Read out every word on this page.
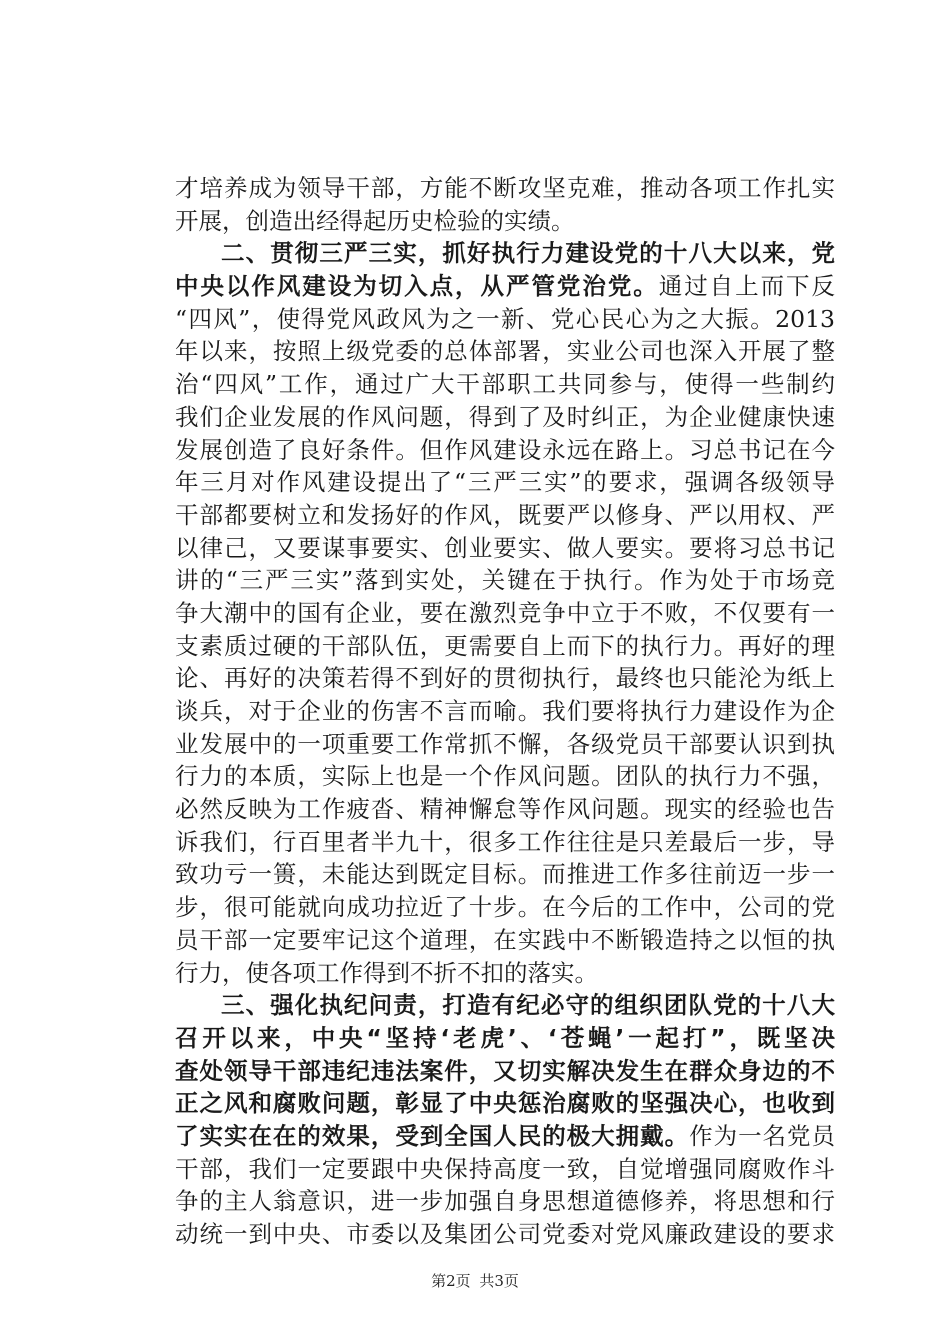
才培养成为领导干部，方能不断攻坚克难，推动各项工作扎实
开展，创造出经得起历史检验的实绩。
二、贯彻三严三实，抓好执行力建设党的十八大以来，党
中央以作风建设为切入点，从严管党治党。通过自上而下反
“四风”，使得党风政风为之一新、党心民心为之大振。2013
年以来，按照上级党委的总体部署，实业公司也深入开展了整
治“四风”工作，通过广大干部职工共同参与，使得一些制约
我们企业发展的作风问题，得到了及时纠正，为企业健康快速
发展创造了良好条件。但作风建设永远在路上。习总书记在今
年三月对作风建设提出了“三严三实”的要求，强调各级领导
干部都要树立和发扬好的作风，既要严以修身、严以用权、严
以律己，又要谋事要实、创业要实、做人要实。要将习总书记
讲的“三严三实”落到实处，关键在于执行。作为处于市场竞
争大潮中的国有企业，要在激烈竞争中立于不败，不仅要有一
支素质过硬的干部队伍，更需要自上而下的执行力。再好的理
论、再好的决策若得不到好的贯彻执行，最终也只能沦为纸上
谈兵，对于企业的伤害不言而喻。我们要将执行力建设作为企
业发展中的一项重要工作常抓不懈，各级党员干部要认识到执
行力的本质，实际上也是一个作风问题。团队的执行力不强，
必然反映为工作疲沓、精神懈怠等作风问题。现实的经验也告
诉我们，行百里者半九十，很多工作往往是只差最后一步，导
致功亏一篑，未能达到既定目标。而推进工作多往前迈一步一
步，很可能就向成功拉近了十步。在今后的工作中，公司的党
员干部一定要牢记这个道理，在实践中不断锻造持之以恒的执
行力，使各项工作得到不折不扣的落实。
三、强化执纪问责，打造有纪必守的组织团队党的十八大
召开以来，中央“坚持‘老虎’、‘苍蝇’一起打”，既坚决
查处领导干部违纪违法案件，又切实解决发生在群众身边的不
正之风和腐败问题，彰显了中央惩治腐败的坚强决心，也收到
了实实在在的效果，受到全国人民的极大拥戴。作为一名党员
干部，我们一定要跟中央保持高度一致，自觉增强同腐败作斗
争的主人翁意识，进一步加强自身思想道德修养，将思想和行
动统一到中央、市委以及集团公司党委对党风廉政建设的要求
第2页 共3页
